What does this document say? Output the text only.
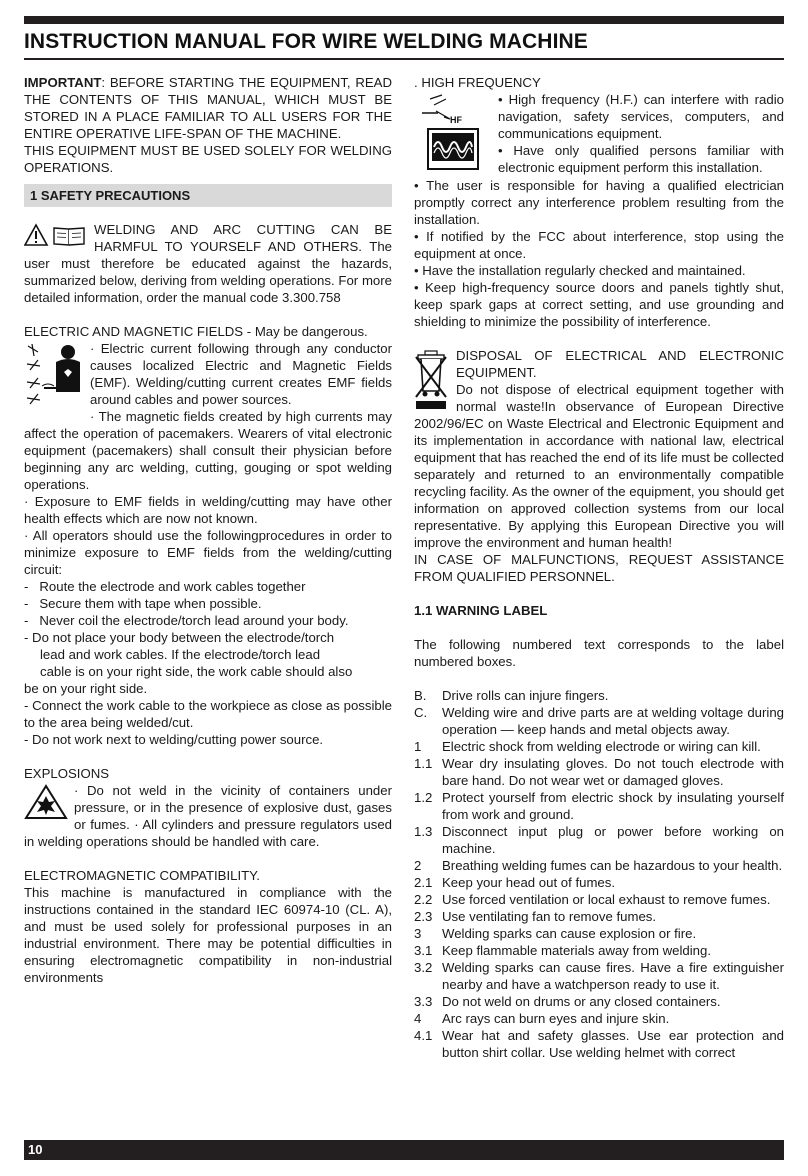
INSTRUCTION MANUAL FOR WIRE WELDING MACHINE

IMPORTANT: BEFORE STARTING THE EQUIPMENT, READ THE CONTENTS OF THIS MANUAL, WHICH MUST BE STORED IN A PLACE FAMILIAR TO ALL USERS FOR THE ENTIRE OPERATIVE LIFE-SPAN OF THE MACHINE.

THIS EQUIPMENT MUST BE USED SOLELY FOR WELDING OPERATIONS.

1 SAFETY PRECAUTIONS

WELDING AND ARC CUTTING CAN BE HARMFUL TO YOURSELF AND OTHERS. The user must therefore be educated against the hazards, summarized below, deriving from welding operations. For more detailed information, order the manual code 3.300.758

ELECTRIC AND MAGNETIC FIELDS - May be dangerous.

· Electric current following through any conductor causes localized Electric and Magnetic Fields (EMF). Welding/cutting current creates EMF fields around cables and power sources.

· The magnetic fields created by high currents may affect the operation of pacemakers. Wearers of vital electronic equipment (pacemakers) shall consult their physician before beginning any arc welding, cutting, gouging or spot welding operations.

· Exposure to EMF fields in welding/cutting may have other health effects which are now not known.

· All operators should use the followingprocedures in order to minimize exposure to EMF fields from the welding/cutting circuit:

-   Route the electrode and work cables together

-   Secure them with tape when possible.

-   Never coil the electrode/torch lead around your body.

- Do not place your body between the electrode/torch

lead and work cables. If the electrode/torch lead

cable is on your right side, the work cable should also

be on your right side.

- Connect the work cable to the workpiece as close as possible to the area being welded/cut.

- Do not work next to welding/cutting power source.

EXPLOSIONS

· Do not weld in the vicinity of containers under pressure, or in the presence of explosive dust, gases or fumes. · All cylinders and pressure regulators used in welding operations should be handled with care.

ELECTROMAGNETIC COMPATIBILITY.

This machine is manufactured in compliance with the instructions contained in the standard IEC 60974-10 (CL. A), and must be used solely for professional purposes in an industrial environment. There may be potential difficulties in ensuring electromagnetic compatibility in non-industrial environments

. HIGH FREQUENCY

HF

• High frequency (H.F.) can interfere with radio navigation, safety services, computers, and communications equipment.

• Have only qualified persons familiar with electronic equipment perform this installation.

• The user is responsible for having a qualified electrician promptly correct any interference problem resulting from the installation.

• If notified by the FCC about interference, stop using the equipment at once.

• Have the installation regularly checked and maintained.

• Keep high-frequency source doors and panels tightly shut, keep spark gaps at correct setting, and use grounding and shielding to minimize the possibility of interference.

DISPOSAL OF ELECTRICAL AND ELECTRONIC EQUIPMENT.

Do not dispose of electrical equipment together with normal waste!In observance of European Directive 2002/96/EC on Waste Electrical and Electronic Equipment and its implementation in accordance with national law, electrical equipment that has reached the end of its life must be collected separately and returned to an environmentally compatible recycling facility. As the owner of the equipment, you should get information on approved collection systems from our local representative. By applying this European Directive you will improve the environment and human health!

IN CASE OF MALFUNCTIONS, REQUEST ASSISTANCE FROM QUALIFIED PERSONNEL.

1.1 WARNING LABEL

The following numbered text corresponds to the label numbered boxes.

B.	Drive rolls can injure fingers.
C.	Welding wire and drive parts are at welding voltage during operation — keep hands and metal objects away.
1	Electric shock from welding electrode or wiring can kill.
1.1 Wear dry insulating gloves. Do not touch electrode with bare hand. Do not wear wet or damaged gloves.
1.2 Protect yourself from electric shock by insulating yourself from work and ground.
1.3 Disconnect input plug or power before working on machine.
2	Breathing welding fumes can be hazardous to your health.
2.1 Keep your head out of fumes.
2.2 Use forced ventilation or local exhaust to remove fumes.
2.3 Use ventilating fan to remove fumes.
3	Welding sparks can cause explosion or fire.
3.1 Keep flammable materials away from welding.
3.2 Welding sparks can cause fires. Have a fire extinguisher nearby and have a watchperson ready to use it.
3.3 Do not weld on drums or any closed containers.
4	Arc rays can burn eyes and injure skin.
4.1 Wear hat and safety glasses. Use ear protection and button shirt collar. Use welding helmet with correct
10
